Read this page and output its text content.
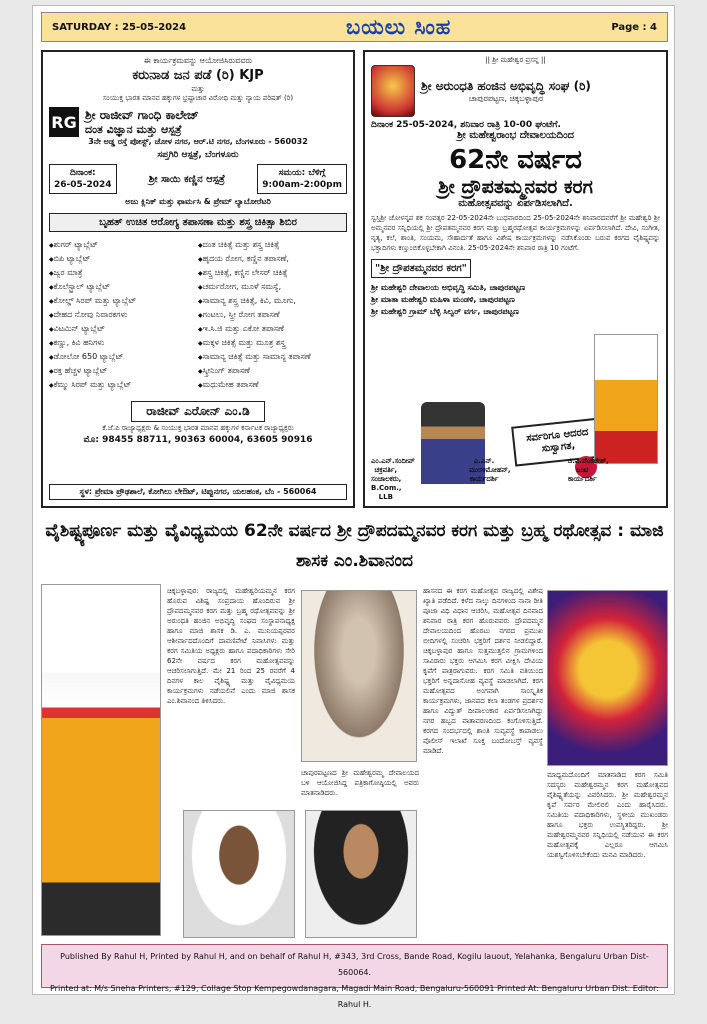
SATURDAY : 25-05-2024	ಬಯಲು ಸಿಂಹ	Page : 4
ಈ ಕಾರ್ಯಕ್ರಮವನ್ನು ಆಯೋಜಿಸಿರುವವರು
ಕರುನಾಡ ಜನ ಪಡೆ (ರಿ) KJP
ಮತ್ತು
ಸಂಯುಕ್ತ ಭಾರತ ಮಾನವ ಹಕ್ಕುಗಳ ಭ್ರಷ್ಟಾಚಾರ ವಿರೋಧಿ ಮತ್ತು ನ್ಯಾಯ ಪರಿಷತ್ (ರಿ)
RG ಶ್ರೀ ರಾಜೀವ್ ಗಾಂಧಿ ಕಾಲೇಜ್
ದಂತ ವಿಜ್ಞಾನ ಮತ್ತು ಆಸ್ಪತ್ರೆ
3ನೇ ಅಡ್ಡ ರಸ್ತೆ ಪೋಸ್ಟ್, ಚೋಳ ನಗರ, ಆರ್.ಟಿ ನಗರ, ಬೆಂಗಳೂರು - 560032
ಸಪ್ತಗಿರಿ ಆಸ್ಪತ್ರೆ, ಬೆಂಗಳೂರು
ದಿನಾಂಕ:
26-05-2024
ಶ್ರೀ ಸಾಯಿ ಕಣ್ಣಿನ ಆಸ್ಪತ್ರೆ
ಸಮಯ: ಬೆಳಿಗ್ಗೆ
9:00am-2:00pm
ಅಜು ಕ್ಲಿನಿಕ್ ಮತ್ತು ಫಾರ್ಮಸಿ & ಪ್ರೇಮ್ ಲ್ಯಾಬೋರೆಟರಿ
ಬೃಹತ್ ಉಚಿತ ಆರೋಗ್ಯ ತಪಾಸಣಾ ಮತ್ತು ಶಸ್ತ್ರ ಚಿಕಿತ್ಸಾ ಶಿಬಿರ
◆ ಶುಗರ್ ಟ್ಯಾಬ್ಲೆಟ್
◆ ಬಿಪಿ ಟ್ಯಾಬ್ಲೆಟ್
◆ ಜ್ವರ ಮಾತ್ರೆ
◆ ಕೊಲೆಸ್ಟ್ರಾಲ್ ಟ್ಯಾಬ್ಲೆಟ್
◆ ಕೋಲ್ಡ್ ಸಿರಪ್ ಮತ್ತು ಟ್ಯಾಬ್ಲೆಟ್
◆ ದೇಹದ ನೋವು ನಿವಾರಕಗಳು
◆ ವಿಟಮಿನ್ ಟ್ಯಾಬ್ಲೆಟ್
◆ ಕಣ್ಣು, ಕಿವಿ ಹನಿಗಳು
◆ ಡೋಲೋ 650 ಟ್ಯಾಬ್ಲೆಟ್
◆ ರಕ್ತ ಹೆಚ್ಚಳ ಟ್ಯಾಬ್ಲೆಟ್
◆ ಕೆಮ್ಮು ಸಿರಪ್ ಮತ್ತು ಟ್ಯಾಬ್ಲೆಟ್
◆ ದಂತ ಚಿಕಿತ್ಸೆ ಮತ್ತು ಶಸ್ತ್ರ ಚಿಕಿತ್ಸೆ
◆ ಹೃದಯ ರೋಗ, ಕಣ್ಣಿನ ತಪಾಸಣೆ,
◆ ಶಸ್ತ್ರ ಚಿಕಿತ್ಸೆ, ಕಣ್ಣಿನ ಲೇಸರ್ ಚಿಕಿತ್ಸೆ
◆ ಚರ್ಮರೋಗ, ಮೂಳೆ ಸಮಸ್ಯೆ,
◆ ಸಾಮಾನ್ಯ ಶಸ್ತ್ರ ಚಿಕಿತ್ಸೆ, ಕಿವಿ, ಮೂಗು,
◆ ಗಂಟಲು, ಸ್ತ್ರೀ ರೋಗ ತಪಾಸಣೆ
◆ ಇ.ಸಿ.ಜಿ ಮತ್ತು ಎಕೋ ತಪಾಸಣೆ
◆ ಮಕ್ಕಳ ಚಿಕಿತ್ಸೆ ಮತ್ತು ಮೂತ್ರ ಶಸ್ತ್ರ
◆ ಸಾಮಾನ್ಯ ಚಿಕಿತ್ಸೆ ಮತ್ತು ಸಾಮಾನ್ಯ ತಪಾಸಣೆ
◆ ಸ್ಕ್ರೀನಿಂಗ್ ತಪಾಸಣೆ
◆ ಮಧುಮೇಹ ತಪಾಸಣೆ
ರಾಜೀವ್ ಎರೋನ್ ಎಂ.ಡಿ
ಕೆ.ಜೆ.ಪಿ ರಾಜ್ಯಾಧ್ಯಕ್ಷರು & ಸಂಯುಕ್ತ ಭಾರತ ಮಾನವ ಹಕ್ಕುಗಳ ಕರ್ನಾಟಕ ರಾಜ್ಯಾಧ್ಯಕ್ಷರು
ಮೊ: 98455 88711, 90363 60004, 63605 90916
ಸ್ಥಳ: ಪ್ರೇಮಾ ಪ್ರೌಢಶಾಲೆ, ಕೋಗಿಲು ಲೇಔಟ್, ಟಿಪ್ಪುನಗರ, ಯಲಹಂಕ, ಬೆಂ - 560064
|| ಶ್ರೀ ಮಹೇಶ್ವರ ಪ್ರಸನ್ನ ||
ಶ್ರೀ ಅರುಂಧತಿ ಹಂಜಿನ ಅಭಿವೃದ್ಧಿ ಸಂಘ (ರಿ)
ಚಾಪುರಪಟ್ಟಣ, ಚಿಕ್ಕಬಳ್ಳಾಪುರ
ದಿನಾಂಕ 25-05-2024, ಶನಿವಾರ ರಾತ್ರಿ 10-00 ಘಂಟೆಗೆ.
ಶ್ರೀ ಮಹೇಶ್ವರಾಂಭ ದೇವಾಲಯದಿಂದ
62ನೇ ವರ್ಷದ
ಶ್ರೀ ದ್ರೌಪತಮ್ಮನವರ ಕರಗ
ಮಹೋತ್ಸವವನ್ನು ಏರ್ಪಡಿಸಲಾಗಿದೆ.
ಸ್ವಸ್ತಿಶ್ರೀ ಚೋಳನೃಪ ಶಕ ಸಂವತ್ಸರ 22-05-2024ನೇ ಬುಧವಾರದಿಂದ 25-05-2024ನೇ ಶನಿವಾರದವರೆಗೆ ಶ್ರೀ ಮಹೇಶ್ವರಿ ಶ್ರೀ ಅಮ್ಮನವರ ಸನ್ನಿಧಿಯಲ್ಲಿ ಶ್ರೀ ದ್ರೌಪತಮ್ಮನವರ ಕರಗ ಮತ್ತು ಬ್ರಹ್ಮರಥೋತ್ಸವ ಕಾರ್ಯಕ್ರಮಗಳನ್ನು ಏರ್ಪಡಿಸಲಾಗಿದೆ. ದೇವಿ, ಸಂಗೀತ, ನೃತ್ಯ, ಕಲೆ, ಶಾಂತಿ, ಸಂಯಮ, ಸೌಹಾರ್ದತೆ ಹಾಗೂ ವಿಶೇಷ ಕಾರ್ಯಕ್ರಮಗಳನ್ನು ನಡೆಸಿಕೊಂಡು ಬರುವ ಕರಗದ ವೈಶಿಷ್ಟ್ಯವನ್ನು ಭಕ್ತಾದಿಗಳು ಕಣ್ತುಂಬಿಕೊಳ್ಳಬೇಕಾಗಿ ವಿನಂತಿ. 25-05-2024ನೇ ಶನಿವಾರ ರಾತ್ರಿ 10 ಗಂಟೆಗೆ.
"ಶ್ರೀ ದ್ರೌಪತಮ್ಮನವರ ಕರಗ"
ಶ್ರೀ ಮಹೇಶ್ವರಿ ದೇವಾಲಯ ಅಭಿವೃದ್ಧಿ ಸಮಿತಿ, ಚಾಪುರಪಟ್ಟಣ
ಶ್ರೀ ಮಾತಾ ಮಹೇಶ್ವರಿ ಮಹಿಳಾ ಮಂಡಳಿ, ಚಾಪುರಪಟ್ಟಣ
ಶ್ರೀ ಮಹೇಶ್ವರಿ ಗ್ರಾಮ್ ಬೆಳ್ಳಿ ಸಿಲ್ವರ್ ವರ್ಗ, ಚಾಪುರಪಟ್ಟಣ
ಸರ್ವರಿಗೂ ಆದರದ ಸುಸ್ವಾಗತ,
ಎಂ.ಎನ್.ಸಂದೀಪ್ ಚಕ್ರವರ್ತಿ,
ಸಂಚಾಲಕರು, B.Com., LLB
ಎ.ಎನ್. ಮುರಳಿಮೋಹನ್,
ಕಾರ್ಯದರ್ಶಿ
ಜಿ.ವಿ.ವೆಂಕಟೇಶ್,
ಜಂಟಿ ಕಾರ್ಯದರ್ಶಿ
ವೈಶಿಷ್ಟ್ಯಪೂರ್ಣ ಮತ್ತು ವೈವಿಧ್ಯಮಯ 62ನೇ ವರ್ಷದ ಶ್ರೀ ದ್ರೌಪದಮ್ಮನವರ ಕರಗ ಮತ್ತು ಬ್ರಹ್ಮ ರಥೋತ್ಸವ : ಮಾಜಿ ಶಾಸಕ ಎಂ.ಶಿವಾನಂದ
ಚಿಕ್ಕಬಳ್ಳಾಪುರ: ರಾಜ್ಯದಲ್ಲಿ ಮಹೇಶ್ವರಿಯಮ್ಮನ ಕರಗ ಹೊರುವ ವಿಶಿಷ್ಟ ಸಂಪ್ರದಾಯ ಹೊಂದಿರುವ ಶ್ರೀ ದ್ರೌಪದಮ್ಮನವರ ಕರಗ ಮತ್ತು ಬ್ರಹ್ಮ ರಥೋತ್ಸವವನ್ನು ಶ್ರೀ ಅರುಂಧತಿ ಹಂಜಿನ ಅಭಿವೃದ್ಧಿ ಸಂಘದ ಸಂಸ್ಥಾಪನಾಧ್ಯಕ್ಷ ಹಾಗೂ ಮಾಜಿ ಶಾಸಕ ಡಿ. ಎ. ಮುನಿಯಪ್ಪರವರ ಆಶೀರ್ವಾದದೊಂದಿಗೆ ದಾವಣಿಪೇಟೆ ನಿವಾಸಿಗಳು ಮತ್ತು ಕರಗ ಸಮಿತಿಯ ಅಧ್ಯಕ್ಷರು ಹಾಗೂ ಪದಾಧಿಕಾರಿಗಳು ಸೇರಿ 62ನೇ ವರ್ಷದ ಕರಗ ಮಹೋತ್ಸವವನ್ನು ಆಚರಿಸಲಾಗುತ್ತಿದೆ. ಮೇ 21 ರಿಂದ 25 ರವರೆಗೆ 4 ದಿನಗಳ ಕಾಲ ವೈಶಿಷ್ಟ್ಯ ಮತ್ತು ವೈವಿಧ್ಯಮಯ ಕಾರ್ಯಕ್ರಮಗಳು ನಡೆಯಲಿವೆ ಎಂದು ಮಾಜಿ ಶಾಸಕ ಎಂ.ಶಿವಾನಂದ ತಿಳಿಸಿದರು.
ಹಾಸನದ ಈ ಕರಗ ಮಹೋತ್ಸವ ರಾಜ್ಯದಲ್ಲಿ ವಿಶೇಷ ಖ್ಯಾತಿ ಪಡೆದಿದೆ. ಕಳೆದ ನಾಲ್ಕು ದಿನಗಳಿಂದ ನಾನಾ ರೀತಿ ಪೂಜಾ ವಿಧಿ ವಿಧಾನ ಆಚರಿಸಿ, ಮಹೋತ್ಸವ ದಿನವಾದ ಶನಿವಾರ ರಾತ್ರಿ ಕರಗ ಹೊರುವವರು ದ್ರೌಪದಮ್ಮನ ದೇವಾಲಯದಿಂದ ಹೊರಟು ನಗರದ ಪ್ರಮುಖ ಬೀದಿಗಳಲ್ಲಿ ಸಂಚರಿಸಿ ಭಕ್ತರಿಗೆ ದರ್ಶನ ನೀಡಲಿದ್ದಾರೆ. ಚಿಕ್ಕಬಳ್ಳಾಪುರ ಹಾಗೂ ಸುತ್ತಮುತ್ತಲಿನ ಗ್ರಾಮಗಳಿಂದ ಸಾವಿರಾರು ಭಕ್ತರು ಆಗಮಿಸಿ ಕರಗ ವೀಕ್ಷಿಸಿ ದೇವಿಯ ಕೃಪೆಗೆ ಪಾತ್ರರಾಗುವರು. ಕರಗ ಸಮಿತಿ ವತಿಯಿಂದ ಭಕ್ತರಿಗೆ ಅನ್ನದಾಸೋಹ ವ್ಯವಸ್ಥೆ ಮಾಡಲಾಗಿದೆ. ಕರಗ ಮಹೋತ್ಸವದ ಅಂಗವಾಗಿ ಸಾಂಸ್ಕೃತಿಕ ಕಾರ್ಯಕ್ರಮಗಳು, ಜಾನಪದ ಕಲಾ ತಂಡಗಳ ಪ್ರದರ್ಶನ ಹಾಗೂ ವಿದ್ಯುತ್ ದೀಪಾಲಂಕಾರ ಏರ್ಪಡಿಸಲಾಗಿದ್ದು ನಗರ ಹಬ್ಬದ ವಾತಾವರಣದಿಂದ ಕಂಗೊಳಿಸುತ್ತಿದೆ. ಕರಗದ ಸಂದರ್ಭದಲ್ಲಿ ಶಾಂತಿ ಸುವ್ಯವಸ್ಥೆ ಕಾಪಾಡಲು ಪೊಲೀಸ್ ಇಲಾಖೆ ಸೂಕ್ತ ಬಂದೋಬಸ್ತ್ ವ್ಯವಸ್ಥೆ ಮಾಡಿದೆ.
ಚಾಪುರಪಟ್ಟಣದ ಶ್ರೀ ಮಹೇಶ್ವರಮ್ಮ ದೇವಾಲಯದ ಬಳಿ ಆಯೋಜಿಸಿದ್ದ ಪತ್ರಿಕಾಗೋಷ್ಠಿಯಲ್ಲಿ ಅವರು ಮಾತನಾಡಿದರು.
ಮಾಧ್ಯಮದೊಂದಿಗೆ ಮಾತನಾಡಿದ ಕರಗ ಸಮಿತಿ ಸದಸ್ಯರು ಮಹೇಶ್ವರಮ್ಮನ ಕರಗ ಮಹೋತ್ಸವದ ವೈಶಿಷ್ಟ್ಯತೆಯನ್ನು ವಿವರಿಸಿದರು. ಶ್ರೀ ಮಹೇಶ್ವರಮ್ಮನ ಕೃಪೆ ಸರ್ವರ ಮೇಲಿರಲಿ ಎಂದು ಹಾರೈಸಿದರು. ಸಮಿತಿಯ ಪದಾಧಿಕಾರಿಗಳು, ಸ್ಥಳೀಯ ಮುಖಂಡರು ಹಾಗೂ ಭಕ್ತರು ಉಪಸ್ಥಿತರಿದ್ದರು. ಶ್ರೀ ಮಹೇಶ್ವರಮ್ಮನವರ ಸನ್ನಿಧಿಯಲ್ಲಿ ನಡೆಯುವ ಈ ಕರಗ ಮಹೋತ್ಸವಕ್ಕೆ ಎಲ್ಲರೂ ಆಗಮಿಸಿ ಯಶಸ್ವಿಗೊಳಿಸಬೇಕೆಂದು ಮನವಿ ಮಾಡಿದರು.
Published By Rahul H, Printed by Rahul H, and on behalf of Rahul H, #343, 3rd Cross, Bande Road, Kogilu lauout, Yelahanka, Bengaluru Urban Dist-560064.
Printed at: M/s Sneha Printers, #129, Collage Stop Kempegowdanagara, Magadi Main Road, Bengaluru-560091 Printed At: Bengaluru Urban Dist. Editor: Rahul H.
